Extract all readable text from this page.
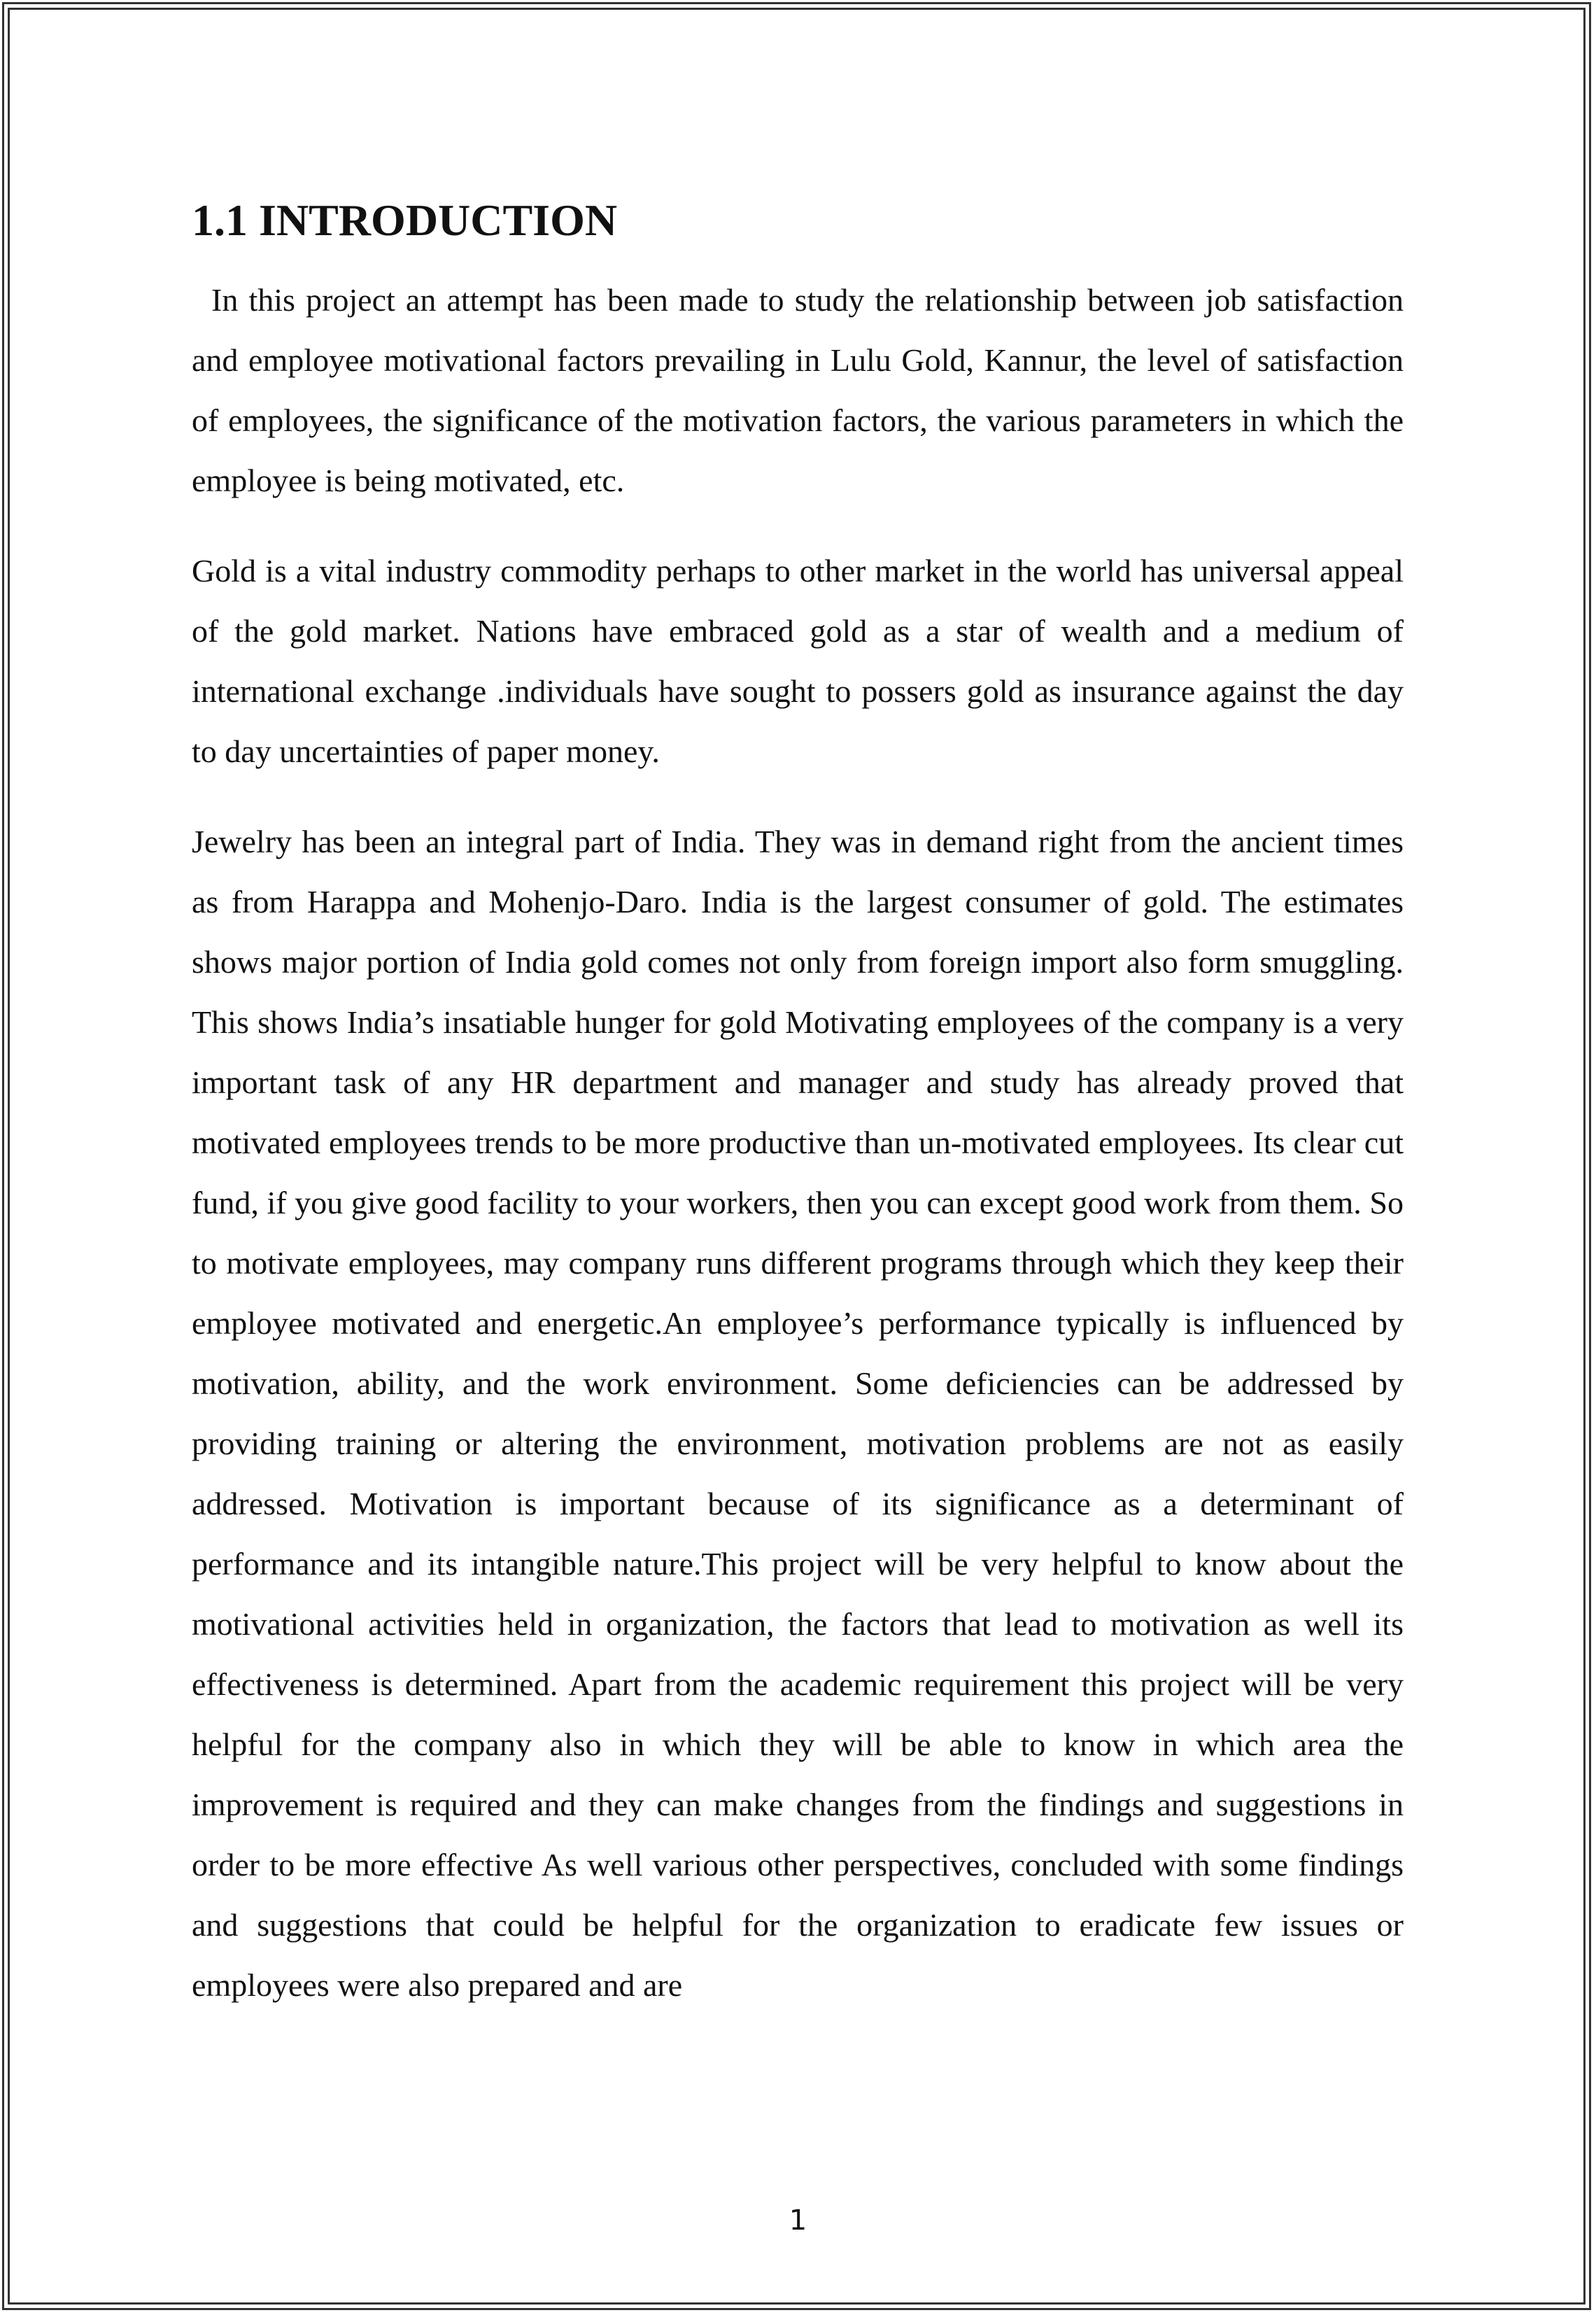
1.1 INTRODUCTION

In this project an attempt has been made to study the relationship between job satisfaction and employee motivational factors prevailing in Lulu Gold, Kannur, the level of satisfaction of employees, the significance of the motivation factors, the various parameters in which the employee is being motivated, etc.

Gold is a vital industry commodity perhaps to other market in the world has universal appeal of the gold market. Nations have embraced gold as a star of wealth and a medium of international exchange .individuals have sought to possers gold as insurance against the day to day uncertainties of paper money.

Jewelry has been an integral part of India. They was in demand right from the ancient times as from Harappa and Mohenjo-Daro. India is the largest consumer of gold. The estimates shows major portion of India gold comes not only from foreign import also form smuggling. This shows India’s insatiable hunger for gold Motivating employees of the company is a very important task of any HR department and manager and study has already proved that motivated employees trends to be more productive than un-motivated employees. Its clear cut fund, if you give good facility to your workers, then you can except good work from them. So to motivate employees, may company runs different programs through which they keep their employee motivated and energetic.An employee’s performance typically is influenced by motivation, ability, and the work environment. Some deficiencies can be addressed by providing training or altering the environment, motivation problems are not as easily addressed. Motivation is important because of its significance as a determinant of performance and its intangible nature.This project will be very helpful to know about the motivational activities held in organization, the factors that lead to motivation as well its effectiveness is determined. Apart from the academic requirement this project will be very helpful for the company also in which they will be able to know in which area the improvement is required and they can make changes from the findings and suggestions in order to be more effective As well various other perspectives, concluded with some findings and suggestions that could be helpful for the organization to eradicate few issues or employees were also prepared and are

1
